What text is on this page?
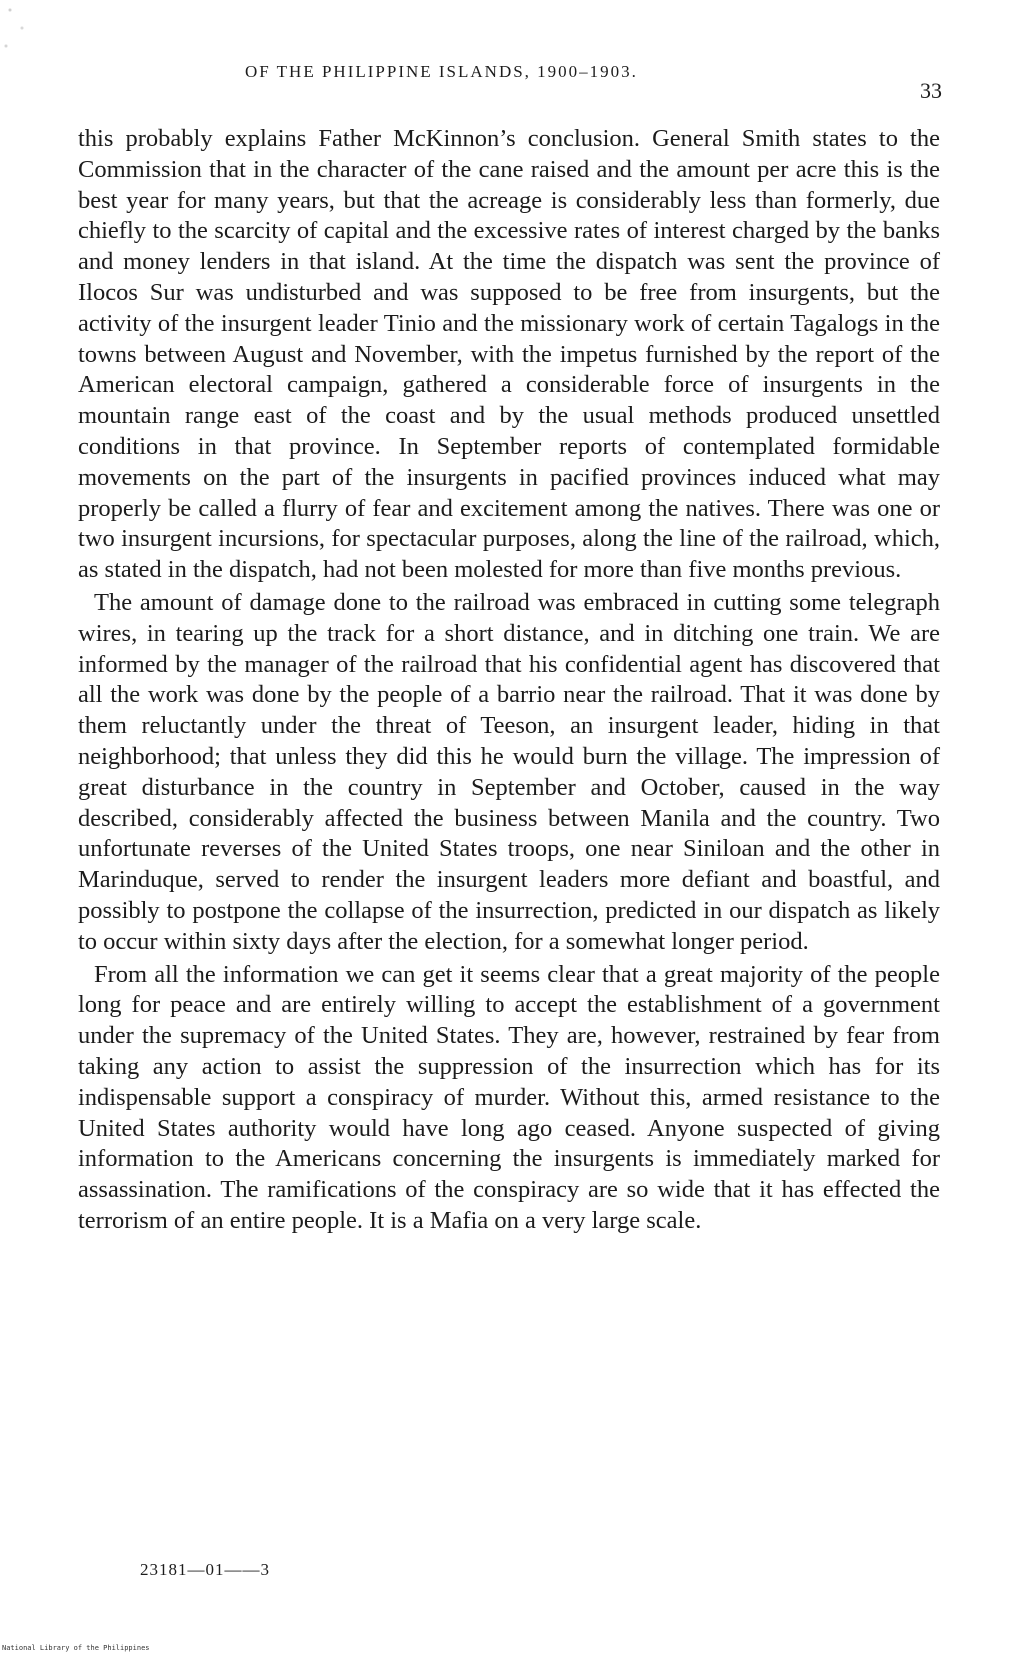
OF THE PHILIPPINE ISLANDS, 1900–1903.
33

this probably explains Father McKinnon’s conclusion. General Smith states to the Commission that in the character of the cane raised and the amount per acre this is the best year for many years, but that the acreage is considerably less than formerly, due chiefly to the scarcity of capital and the excessive rates of interest charged by the banks and money lenders in that island. At the time the dispatch was sent the province of Ilocos Sur was undisturbed and was supposed to be free from insurgents, but the activity of the insurgent leader Tinio and the missionary work of certain Tagalogs in the towns between August and November, with the impetus furnished by the report of the American electoral campaign, gathered a considerable force of insurgents in the mountain range east of the coast and by the usual methods produced unsettled conditions in that province. In September reports of contemplated formidable movements on the part of the insurgents in pacified provinces induced what may properly be called a flurry of fear and excitement among the natives. There was one or two insurgent incursions, for spectacular purposes, along the line of the railroad, which, as stated in the dispatch, had not been molested for more than five months previous.

The amount of damage done to the railroad was embraced in cutting some telegraph wires, in tearing up the track for a short distance, and in ditching one train. We are informed by the manager of the railroad that his confidential agent has discovered that all the work was done by the people of a barrio near the railroad. That it was done by them reluctantly under the threat of Teeson, an insurgent leader, hiding in that neighborhood; that unless they did this he would burn the village. The impression of great disturbance in the country in September and October, caused in the way described, considerably affected the business between Manila and the country. Two unfortunate reverses of the United States troops, one near Siniloan and the other in Marinduque, served to render the insurgent leaders more defiant and boastful, and possibly to postpone the collapse of the insurrection, predicted in our dispatch as likely to occur within sixty days after the election, for a somewhat longer period.

From all the information we can get it seems clear that a great majority of the people long for peace and are entirely willing to accept the establishment of a government under the supremacy of the United States. They are, however, restrained by fear from taking any action to assist the suppression of the insurrection which has for its indispensable support a conspiracy of murder. Without this, armed resistance to the United States authority would have long ago ceased. Anyone suspected of giving information to the Americans concerning the insurgents is immediately marked for assassination. The ramifications of the conspiracy are so wide that it has effected the terrorism of an entire people. It is a Mafia on a very large scale.

23181—01——3
National Library of the Philippines
